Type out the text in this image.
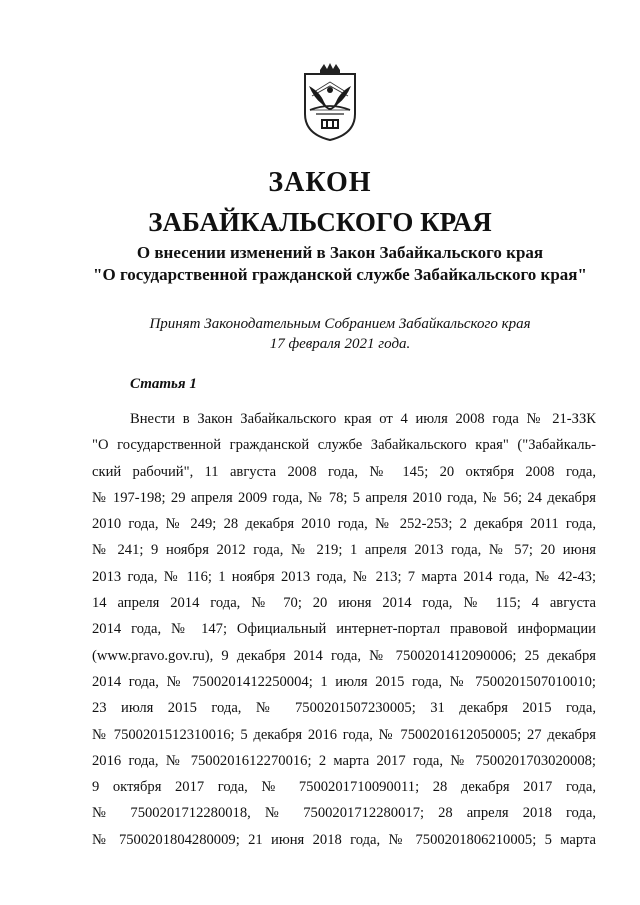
ЗАКОН
ЗАБАЙКАЛЬСКОГО КРАЯ
О внесении изменений в Закон Забайкальского края
"О государственной гражданской службе Забайкальского края"
Принят Законодательным Собранием Забайкальского края
17 февраля 2021 года.
Статья 1
Внести в Закон Забайкальского края от 4 июля 2008 года № 21-ЗЗК
"О государственной гражданской службе Забайкальского края" ("Забайкаль-
ский рабочий", 11 августа 2008 года, № 145; 20 октября 2008 года,
№ 197-198; 29 апреля 2009 года, № 78; 5 апреля 2010 года, № 56; 24 декабря
2010 года, № 249; 28 декабря 2010 года, № 252-253; 2 декабря 2011 года,
№ 241; 9 ноября 2012 года, № 219; 1 апреля 2013 года, № 57; 20 июня
2013 года, № 116; 1 ноября 2013 года, № 213; 7 марта 2014 года, № 42-43;
14 апреля 2014 года, № 70; 20 июня 2014 года, № 115; 4 августа
2014 года, № 147; Официальный интернет-портал правовой информации
(www.pravo.gov.ru), 9 декабря 2014 года, № 7500201412090006; 25 декабря
2014 года, № 7500201412250004; 1 июля 2015 года, № 7500201507010010;
23 июля 2015 года, № 7500201507230005; 31 декабря 2015 года,
№ 7500201512310016; 5 декабря 2016 года, № 7500201612050005; 27 декабря
2016 года, № 7500201612270016; 2 марта 2017 года, № 7500201703020008;
9 октября 2017 года, № 7500201710090011; 28 декабря 2017 года,
№ 7500201712280018, № 7500201712280017; 28 апреля 2018 года,
№ 7500201804280009; 21 июня 2018 года, № 7500201806210005; 5 марта
